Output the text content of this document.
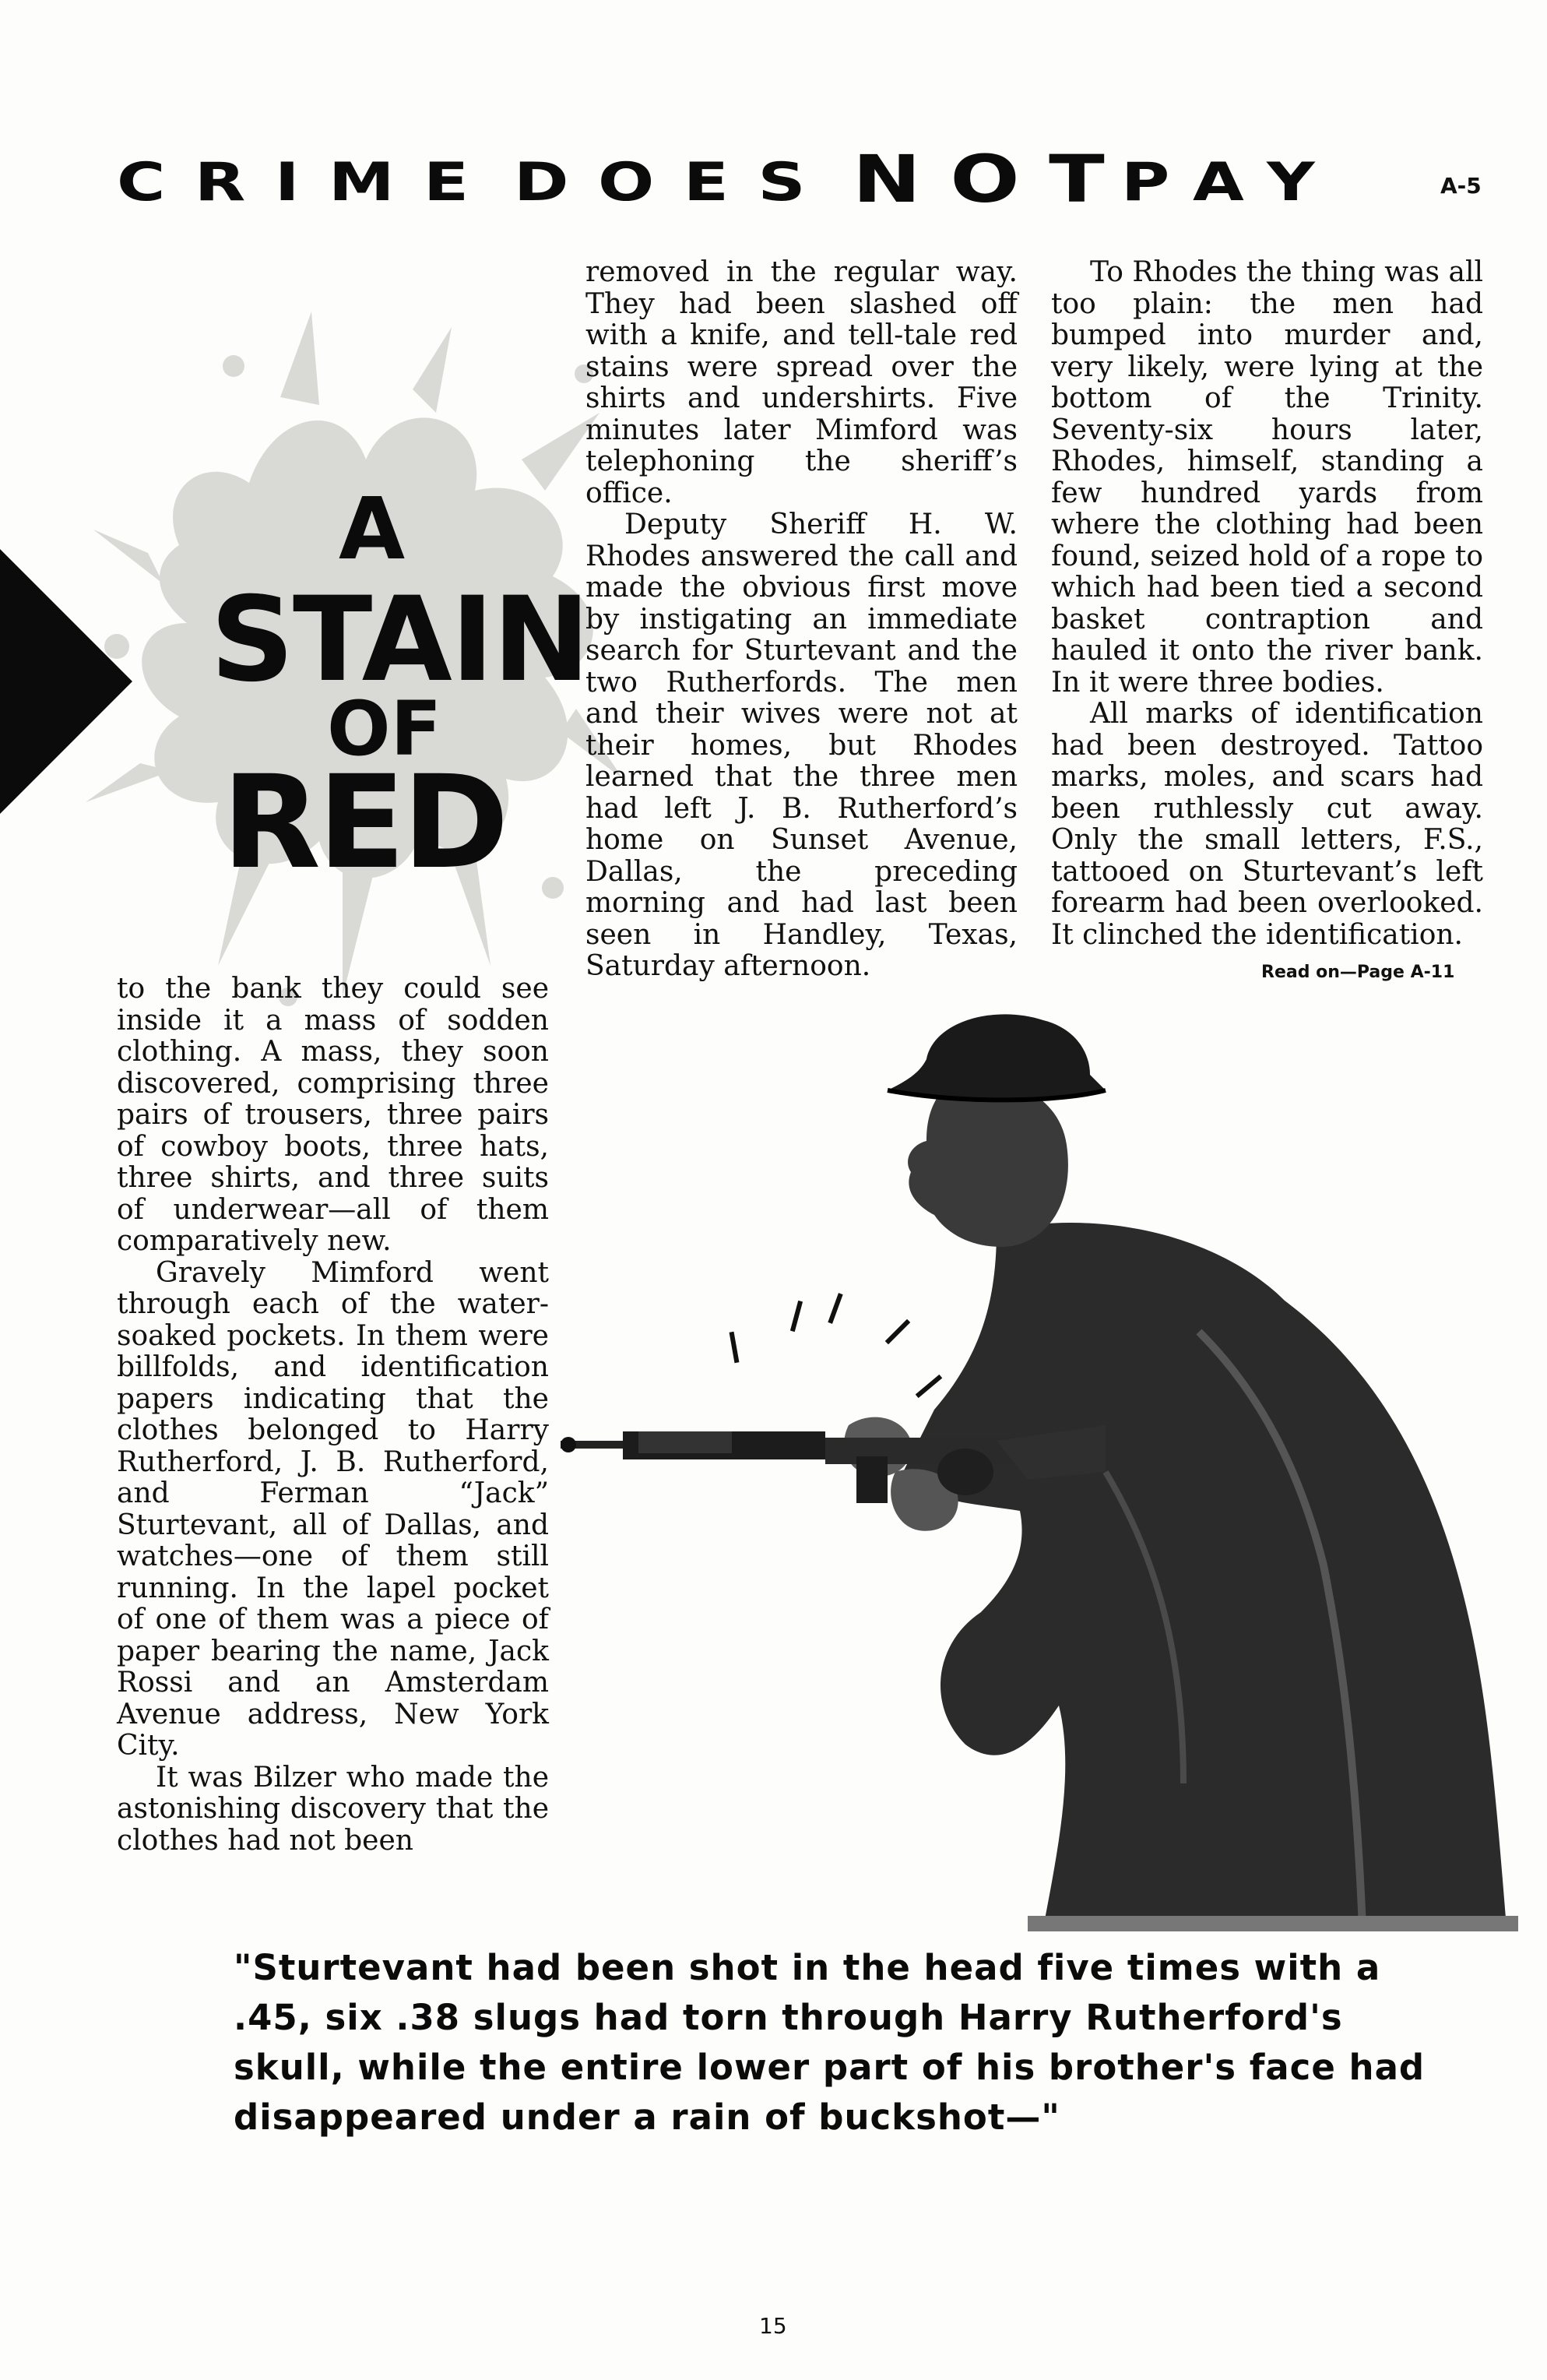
CRIME DOES NOT
PAY	A-5
A
STAIN
OF
RED

to the bank they could see inside it a mass of sodden clothing. A mass, they soon discovered, comprising three pairs of trousers, three pairs of cowboy boots, three hats, three shirts, and three suits of underwear—all of them comparatively new.

Gravely Mimford went through each of the water-soaked pockets. In them were billfolds, and identification papers indicating that the clothes belonged to Harry Rutherford, J. B. Rutherford, and Ferman “Jack” Sturtevant, all of Dallas, and watches—one of them still running. In the lapel pocket of one of them was a piece of paper bearing the name, Jack Rossi and an Amsterdam Avenue address, New York City.

It was Bilzer who made the astonishing discovery that the clothes had not been

removed in the regular way. They had been slashed off with a knife, and tell-tale red stains were spread over the shirts and undershirts. Five minutes later Mimford was telephoning the sheriff’s office.

Deputy Sheriff H. W. Rhodes answered the call and made the obvious first move by instigating an immediate search for Sturtevant and the two Rutherfords. The men and their wives were not at their homes, but Rhodes learned that the three men had left J. B. Rutherford’s home on Sunset Avenue, Dallas, the preceding morning and had last been seen in Handley, Texas, Saturday afternoon.

To Rhodes the thing was all too plain: the men had bumped into murder and, very likely, were lying at the bottom of the Trinity. Seventy-six hours later, Rhodes, himself, standing a few hundred yards from where the clothing had been found, seized hold of a rope to which had been tied a second basket contraption and hauled it onto the river bank. In it were three bodies.

All marks of identification had been destroyed. Tattoo marks, moles, and scars had been ruthlessly cut away. Only the small letters, F.S., tattooed on Sturtevant’s left forearm had been overlooked. It clinched the identification.

Read on—Page A-11
"Sturtevant had been shot in the head five times with a .45, six .38 slugs had torn through Harry Rutherford's skull, while the entire lower part of his brother's face had disappeared under a rain of buckshot—"
15
